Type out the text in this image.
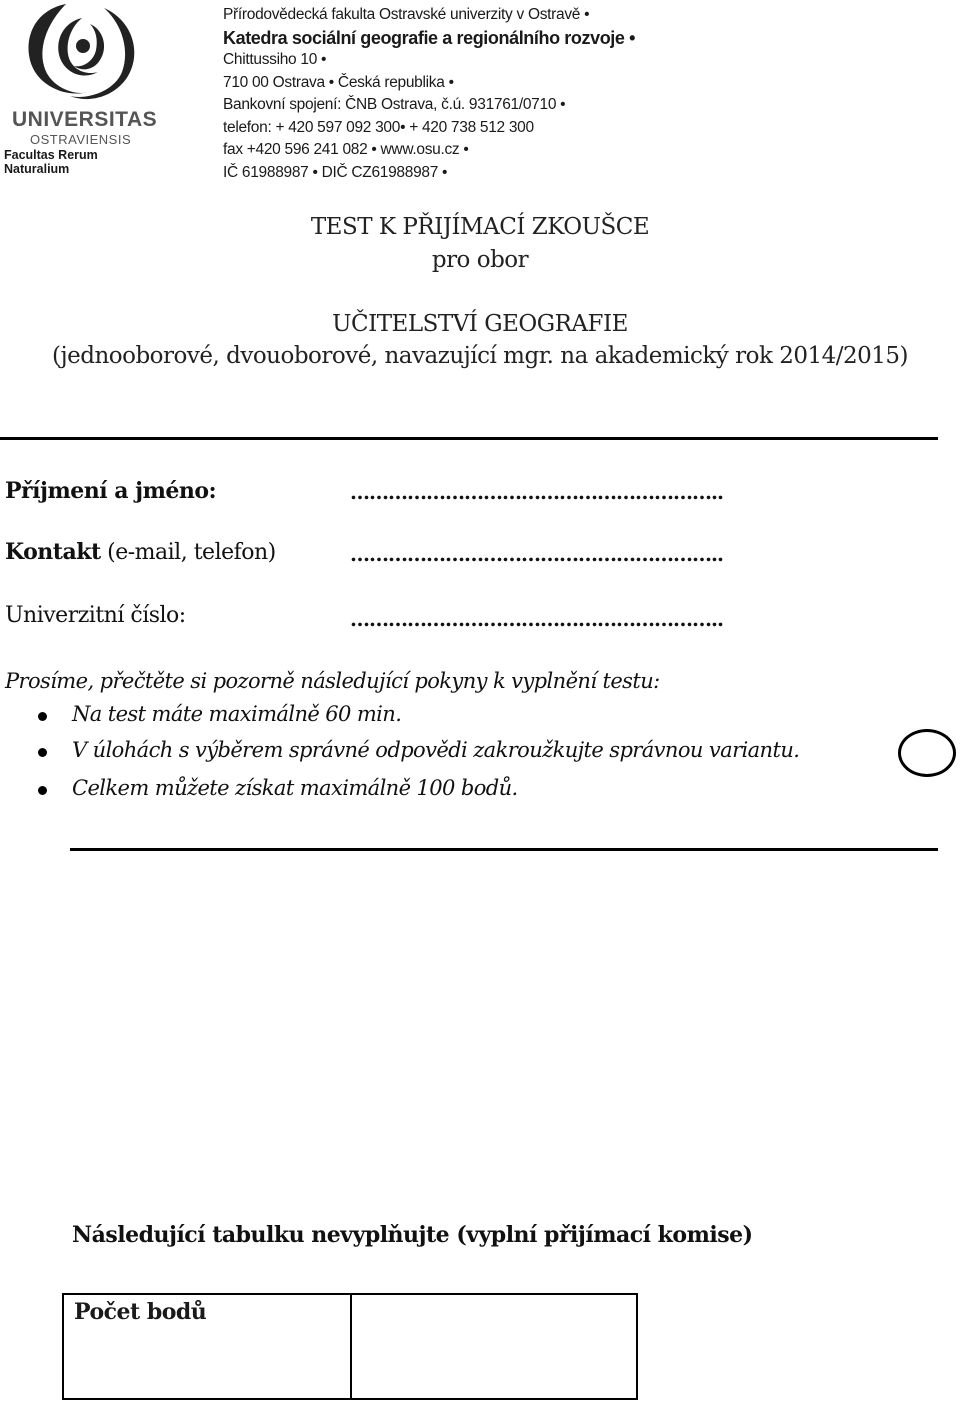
UNIVERSITAS
OSTRAVIENSIS
Facultas Rerum Naturalium
Přírodovědecká fakulta Ostravské univerzity v Ostravě •
Katedra sociální geografie a regionálního rozvoje •
Chittussiho 10 •
710 00 Ostrava • Česká republika •
Bankovní spojení: ČNB Ostrava, č.ú. 931761/0710 •
telefon: + 420 597 092 300• + 420 738 512 300
fax +420 596 241 082 • www.osu.cz •
IČ 61988987 • DIČ CZ61988987 •
TEST K PŘIJÍMACÍ ZKOUŠCE
pro obor
UČITELSTVÍ GEOGRAFIE
(jednooborové, dvouoborové, navazující mgr. na akademický rok 2014/2015)
Příjmení a jméno:	…………………………………………………..
Kontakt (e-mail, telefon)	…………………………………………………..
Univerzitní číslo:	…………………………………………………..
Prosíme, přečtěte si pozorně následující pokyny k vyplnění testu:
Na test máte maximálně 60 min.
V úlohách s výběrem správné odpovědi zakroužkujte správnou variantu.
Celkem můžete získat maximálně 100 bodů.
Následující tabulku nevyplňujte (vyplní přijímací komise)
Počet bodů
